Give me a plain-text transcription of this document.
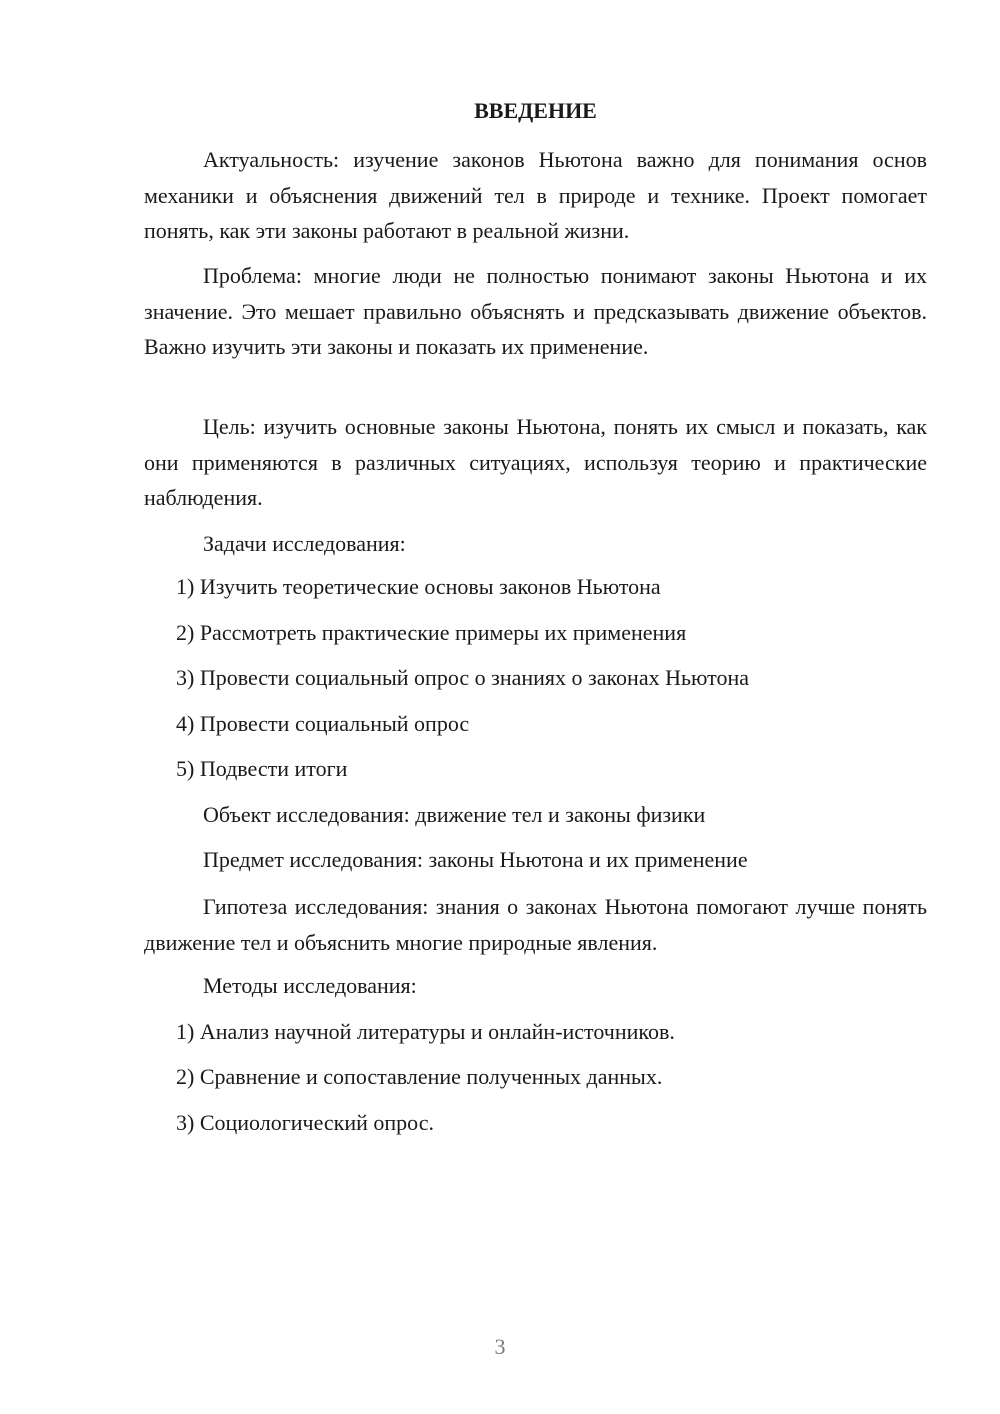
ВВЕДЕНИЕ

Актуальность: изучение законов Ньютона важно для понимания основ механики и объяснения движений тел в природе и технике. Проект помогает понять, как эти законы работают в реальной жизни.

Проблема: многие люди не полностью понимают законы Ньютона и их значение. Это мешает правильно объяснять и предсказывать движение объектов. Важно изучить эти законы и показать их применение.

Цель: изучить основные законы Ньютона, понять их смысл и показать, как они применяются в различных ситуациях, используя теорию и практические наблюдения.

Задачи исследования:

1) Изучить теоретические основы законов Ньютона

2) Рассмотреть практические примеры их применения

3) Провести социальный опрос о знаниях о законах Ньютона

4) Провести социальный опрос

5) Подвести итоги

Объект исследования: движение тел и законы физики

Предмет исследования: законы Ньютона и их применение

Гипотеза исследования: знания о законах Ньютона помогают лучше понять движение тел и объяснить многие природные явления.

Методы исследования:

1) Анализ научной литературы и онлайн-источников.

2) Сравнение и сопоставление полученных данных.

3) Социологический опрос.

3
